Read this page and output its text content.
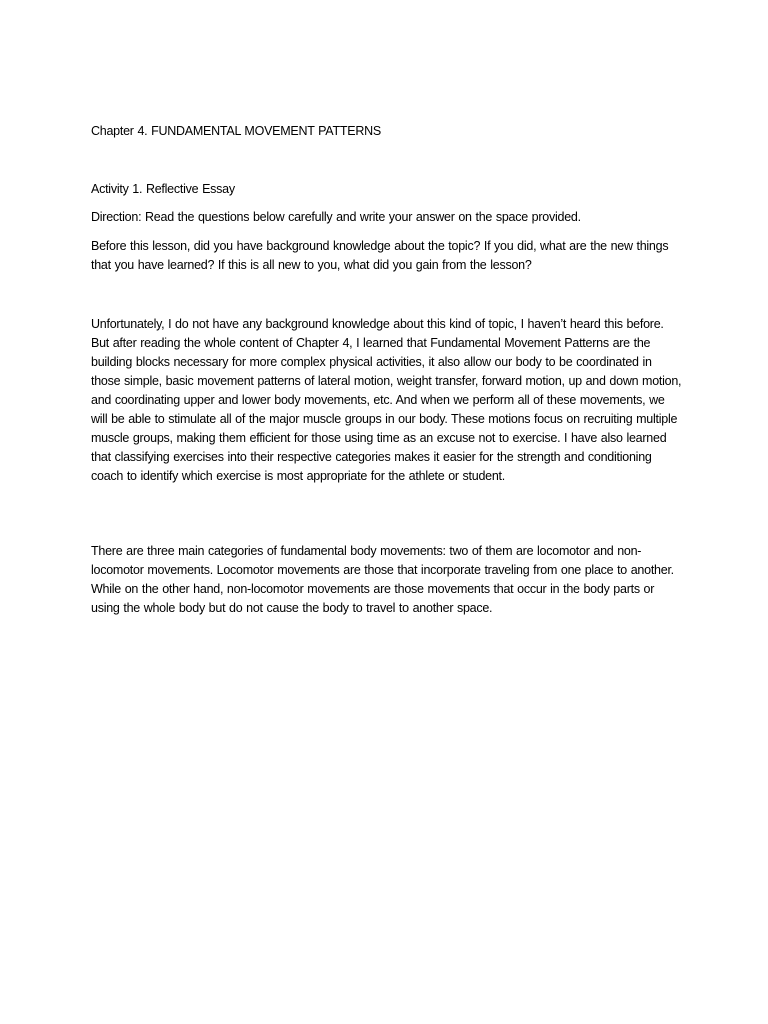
Chapter 4. FUNDAMENTAL MOVEMENT PATTERNS

Activity 1. Reflective Essay

Direction: Read the questions below carefully and write your answer on the space provided.

Before this lesson, did you have background knowledge about the topic? If you did, what are the new things that you have learned? If this is all new to you, what did you gain from the lesson?

Unfortunately, I do not have any background knowledge about this kind of topic, I haven’t heard this before. But after reading the whole content of Chapter 4, I learned that Fundamental Movement Patterns are the building blocks necessary for more complex physical activities, it also allow our body to be coordinated in those simple, basic movement patterns of lateral motion, weight transfer, forward motion, up and down motion, and coordinating upper and lower body movements, etc. And when we perform all of these movements, we will be able to stimulate all of the major muscle groups in our body. These motions focus on recruiting multiple muscle groups, making them efficient for those using time as an excuse not to exercise. I have also learned that classifying exercises into their respective categories makes it easier for the strength and conditioning coach to identify which exercise is most appropriate for the athlete or student.

There are three main categories of fundamental body movements: two of them are locomotor and non-locomotor movements. Locomotor movements are those that incorporate traveling from one place to another. While on the other hand, non-locomotor movements are those movements that occur in the body parts or using the whole body but do not cause the body to travel to another space.
